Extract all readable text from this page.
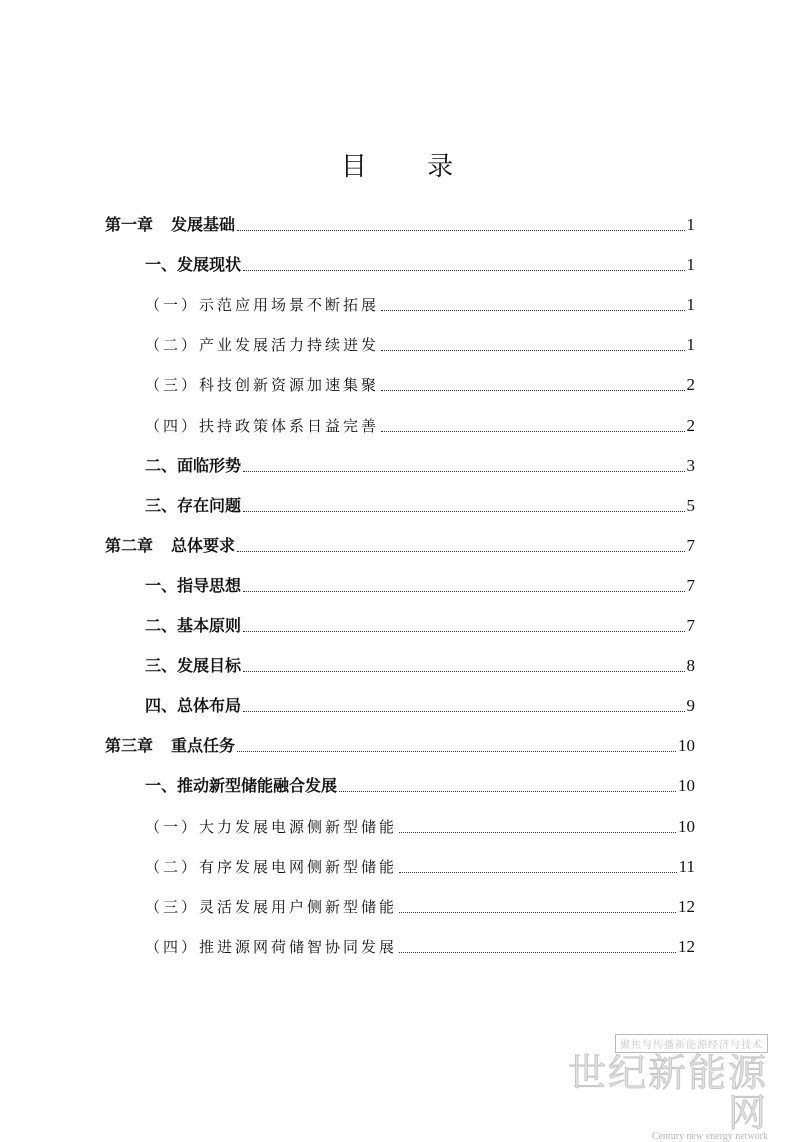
目 录
第一章 发展基础	1
一、发展现状	1
（一）示范应用场景不断拓展	1
（二）产业发展活力持续迸发	1
（三）科技创新资源加速集聚	2
（四）扶持政策体系日益完善	2
二、面临形势	3
三、存在问题	5
第二章 总体要求	7
一、指导思想	7
二、基本原则	7
三、发展目标	8
四、总体布局	9
第三章 重点任务	10
一、推动新型储能融合发展	10
（一）大力发展电源侧新型储能	10
（二）有序发展电网侧新型储能	11
（三）灵活发展用户侧新型储能	12
（四）推进源网荷储智协同发展	12
聚焦与传播新能源经济与技术
世纪新能源网
Century new energy network
